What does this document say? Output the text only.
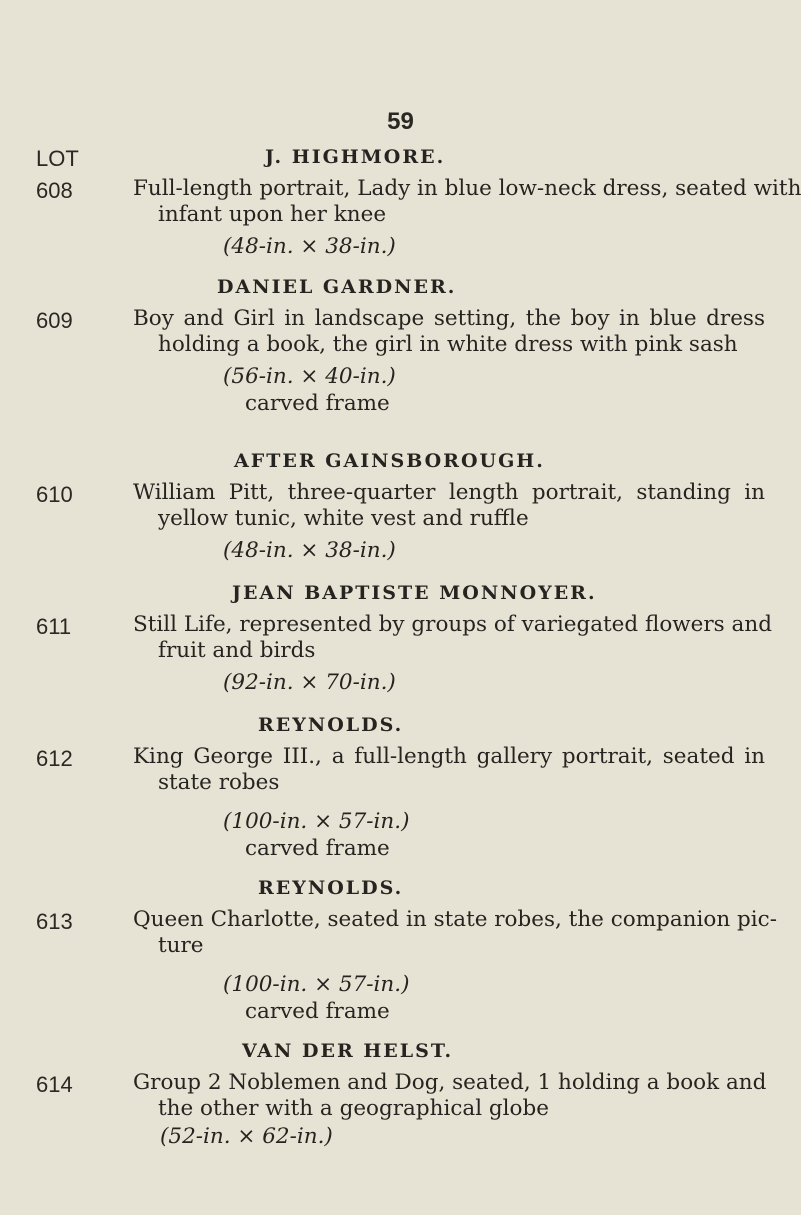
59
LOT	J. HIGHMORE.
608	Full-length portrait, Lady in blue low-neck dress, seated with
infant upon her knee
(48-in. × 38-in.)
DANIEL GARDNER.
609	Boy and Girl in landscape setting, the boy in blue dress
holding a book, the girl in white dress with pink sash
(56-in. × 40-in.)
carved frame
AFTER GAINSBOROUGH.
610	William Pitt, three-quarter length portrait, standing in
yellow tunic, white vest and ruffle
(48-in. × 38-in.)
JEAN BAPTISTE MONNOYER.
611	Still Life, represented by groups of variegated flowers and
fruit and birds
(92-in. × 70-in.)
REYNOLDS.
612	King George III., a full-length gallery portrait, seated in
state robes
(100-in. × 57-in.)
carved frame
REYNOLDS.
613	Queen Charlotte, seated in state robes, the companion pic-
ture
(100-in. × 57-in.)
carved frame
VAN DER HELST.
614	Group 2 Noblemen and Dog, seated, 1 holding a book and
the other with a geographical globe
(52-in. × 62-in.)
